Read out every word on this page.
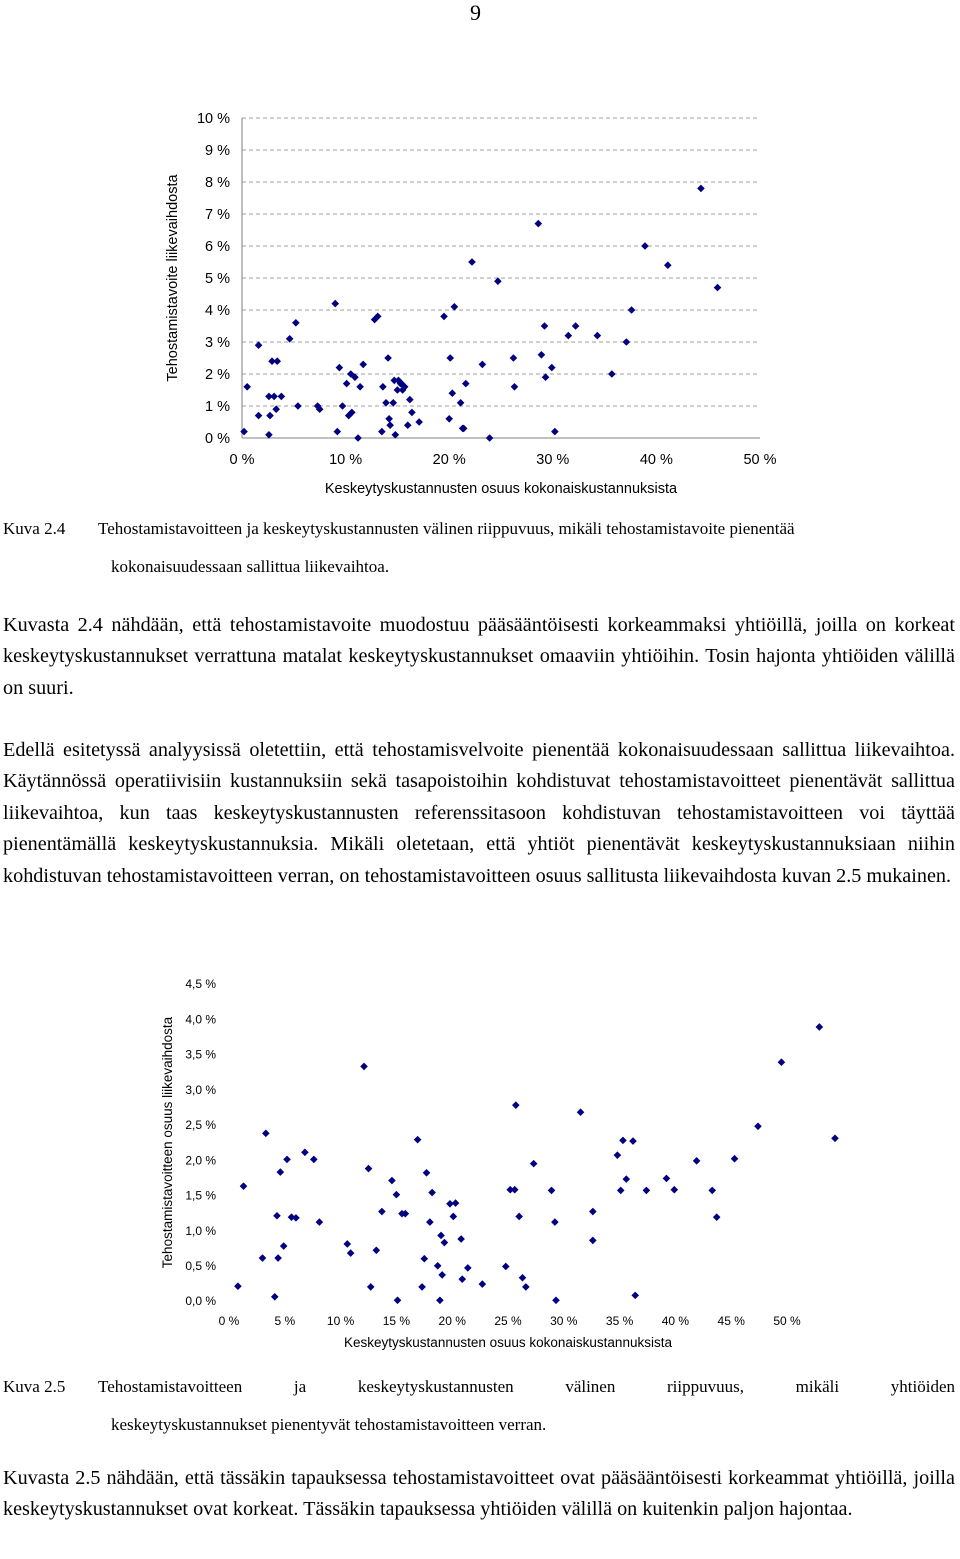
9
0 %
1 %
2 %
3 %
4 %
5 %
6 %
7 %
8 %
9 %
10 %
0 %	10 %	20 %	30 %	40 %	50 %
Keskeytyskustannusten osuus kokonaiskustannuksista
Tehostamistavoite liikevaihdosta
Kuva 2.4	Tehostamistavoitteen ja keskeytyskustannusten välinen riippuvuus, mikäli tehostamistavoite pienentää
kokonaisuudessaan sallittua liikevaihtoa.
Kuvasta 2.4 nähdään, että tehostamistavoite muodostuu pääsääntöisesti korkeammaksi yhtiöillä, joilla on korkeat keskeytyskustannukset verrattuna matalat keskeytyskustannukset omaaviin yhtiöihin. Tosin hajonta yhtiöiden välillä on suuri.
Edellä esitetyssä analyysissä oletettiin, että tehostamisvelvoite pienentää kokonaisuudessaan sallittua liikevaihtoa. Käytännössä operatiivisiin kustannuksiin sekä tasapoistoihin kohdistuvat tehostamistavoitteet pienentävät sallittua liikevaihtoa, kun taas keskeytyskustannusten referenssitasoon kohdistuvan tehostamistavoitteen voi täyttää pienentämällä keskeytyskustannuksia. Mikäli oletetaan, että yhtiöt pienentävät keskeytyskustannuksiaan niihin kohdistuvan tehostamistavoitteen verran, on tehostamistavoitteen osuus sallitusta liikevaihdosta kuvan 2.5 mukainen.
0,0 %
0,5 %
1,0 %
1,5 %
2,0 %
2,5 %
3,0 %
3,5 %
4,0 %
4,5 %
0 %	5 %	10 % 15 % 20 % 25 % 30 % 35 % 40 % 45 % 50 %
Keskeytyskustannusten osuus kokonaiskustannuksista
Tehostamistavoitteen osuus liikevaihdosta
Kuva 2.5	Tehostamistavoitteen ja keskeytyskustannusten välinen riippuvuus, mikäli yhtiöiden
keskeytyskustannukset pienentyvät tehostamistavoitteen verran.
Kuvasta 2.5 nähdään, että tässäkin tapauksessa tehostamistavoitteet ovat pääsääntöisesti korkeammat yhtiöillä, joilla keskeytyskustannukset ovat korkeat. Tässäkin tapauksessa yhtiöiden välillä on kuitenkin paljon hajontaa.
